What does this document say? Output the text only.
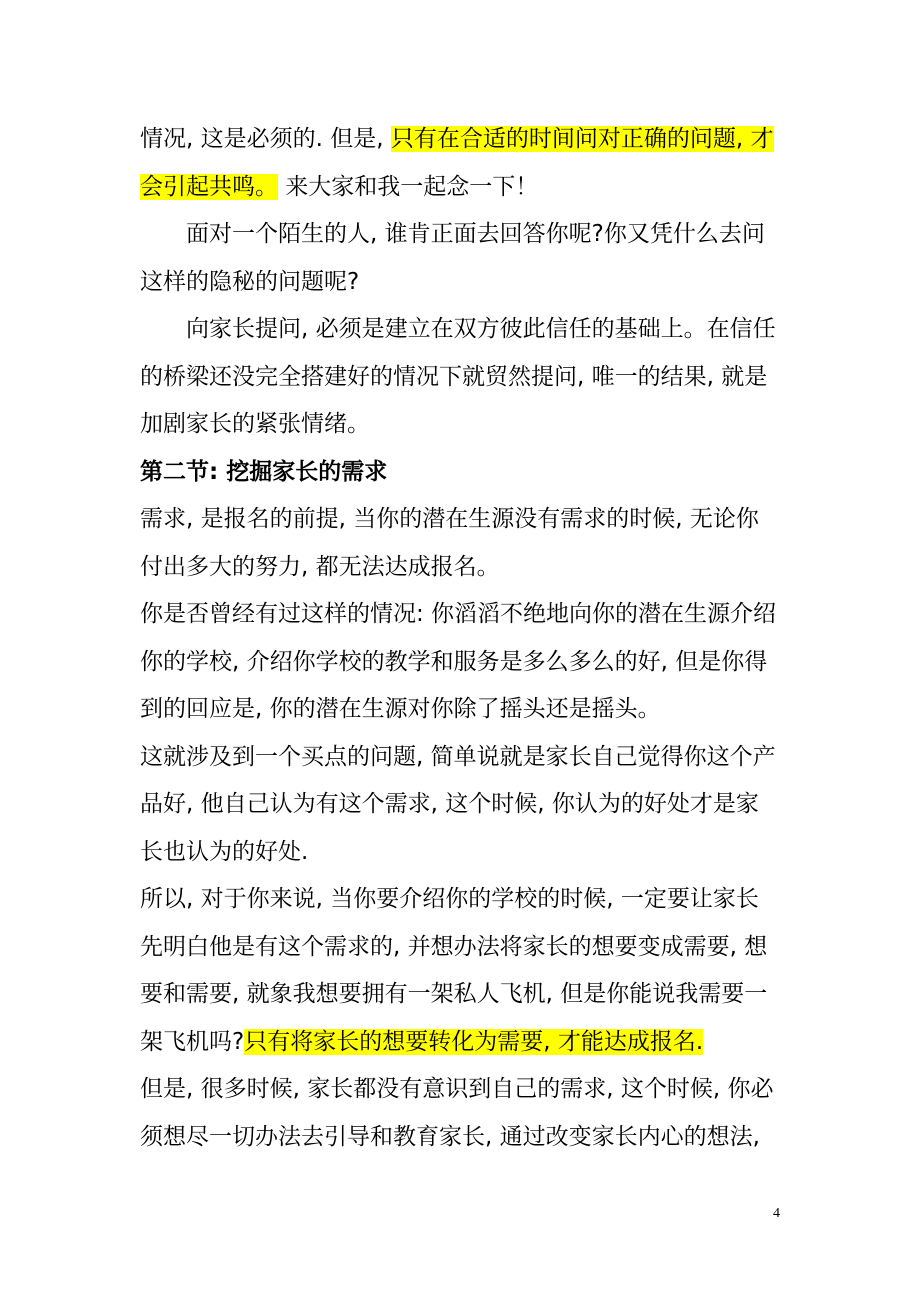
情况, 这是必须的. 但是, 只有在合适的时间问对正确的问题, 才会引起共鸣。 来大家和我一起念一下！

面对一个陌生的人, 谁肯正面去回答你呢?你又凭什么去问这样的隐秘的问题呢?

向家长提问, 必须是建立在双方彼此信任的基础上。在信任的桥梁还没完全搭建好的情况下就贸然提问, 唯一的结果, 就是加剧家长的紧张情绪。

第二节: 挖掘家长的需求

需求, 是报名的前提, 当你的潜在生源没有需求的时候, 无论你付出多大的努力, 都无法达成报名。

你是否曾经有过这样的情况: 你滔滔不绝地向你的潜在生源介绍你的学校, 介绍你学校的教学和服务是多么多么的好, 但是你得到的回应是, 你的潜在生源对你除了摇头还是摇头。

这就涉及到一个买点的问题, 简单说就是家长自己觉得你这个产品好, 他自己认为有这个需求, 这个时候, 你认为的好处才是家长也认为的好处.

所以, 对于你来说, 当你要介绍你的学校的时候, 一定要让家长先明白他是有这个需求的, 并想办法将家长的想要变成需要, 想要和需要, 就象我想要拥有一架私人飞机, 但是你能说我需要一架飞机吗?只有将家长的想要转化为需要, 才能达成报名.

但是, 很多时候, 家长都没有意识到自己的需求, 这个时候, 你必须想尽一切办法去引导和教育家长, 通过改变家长内心的想法,

4
